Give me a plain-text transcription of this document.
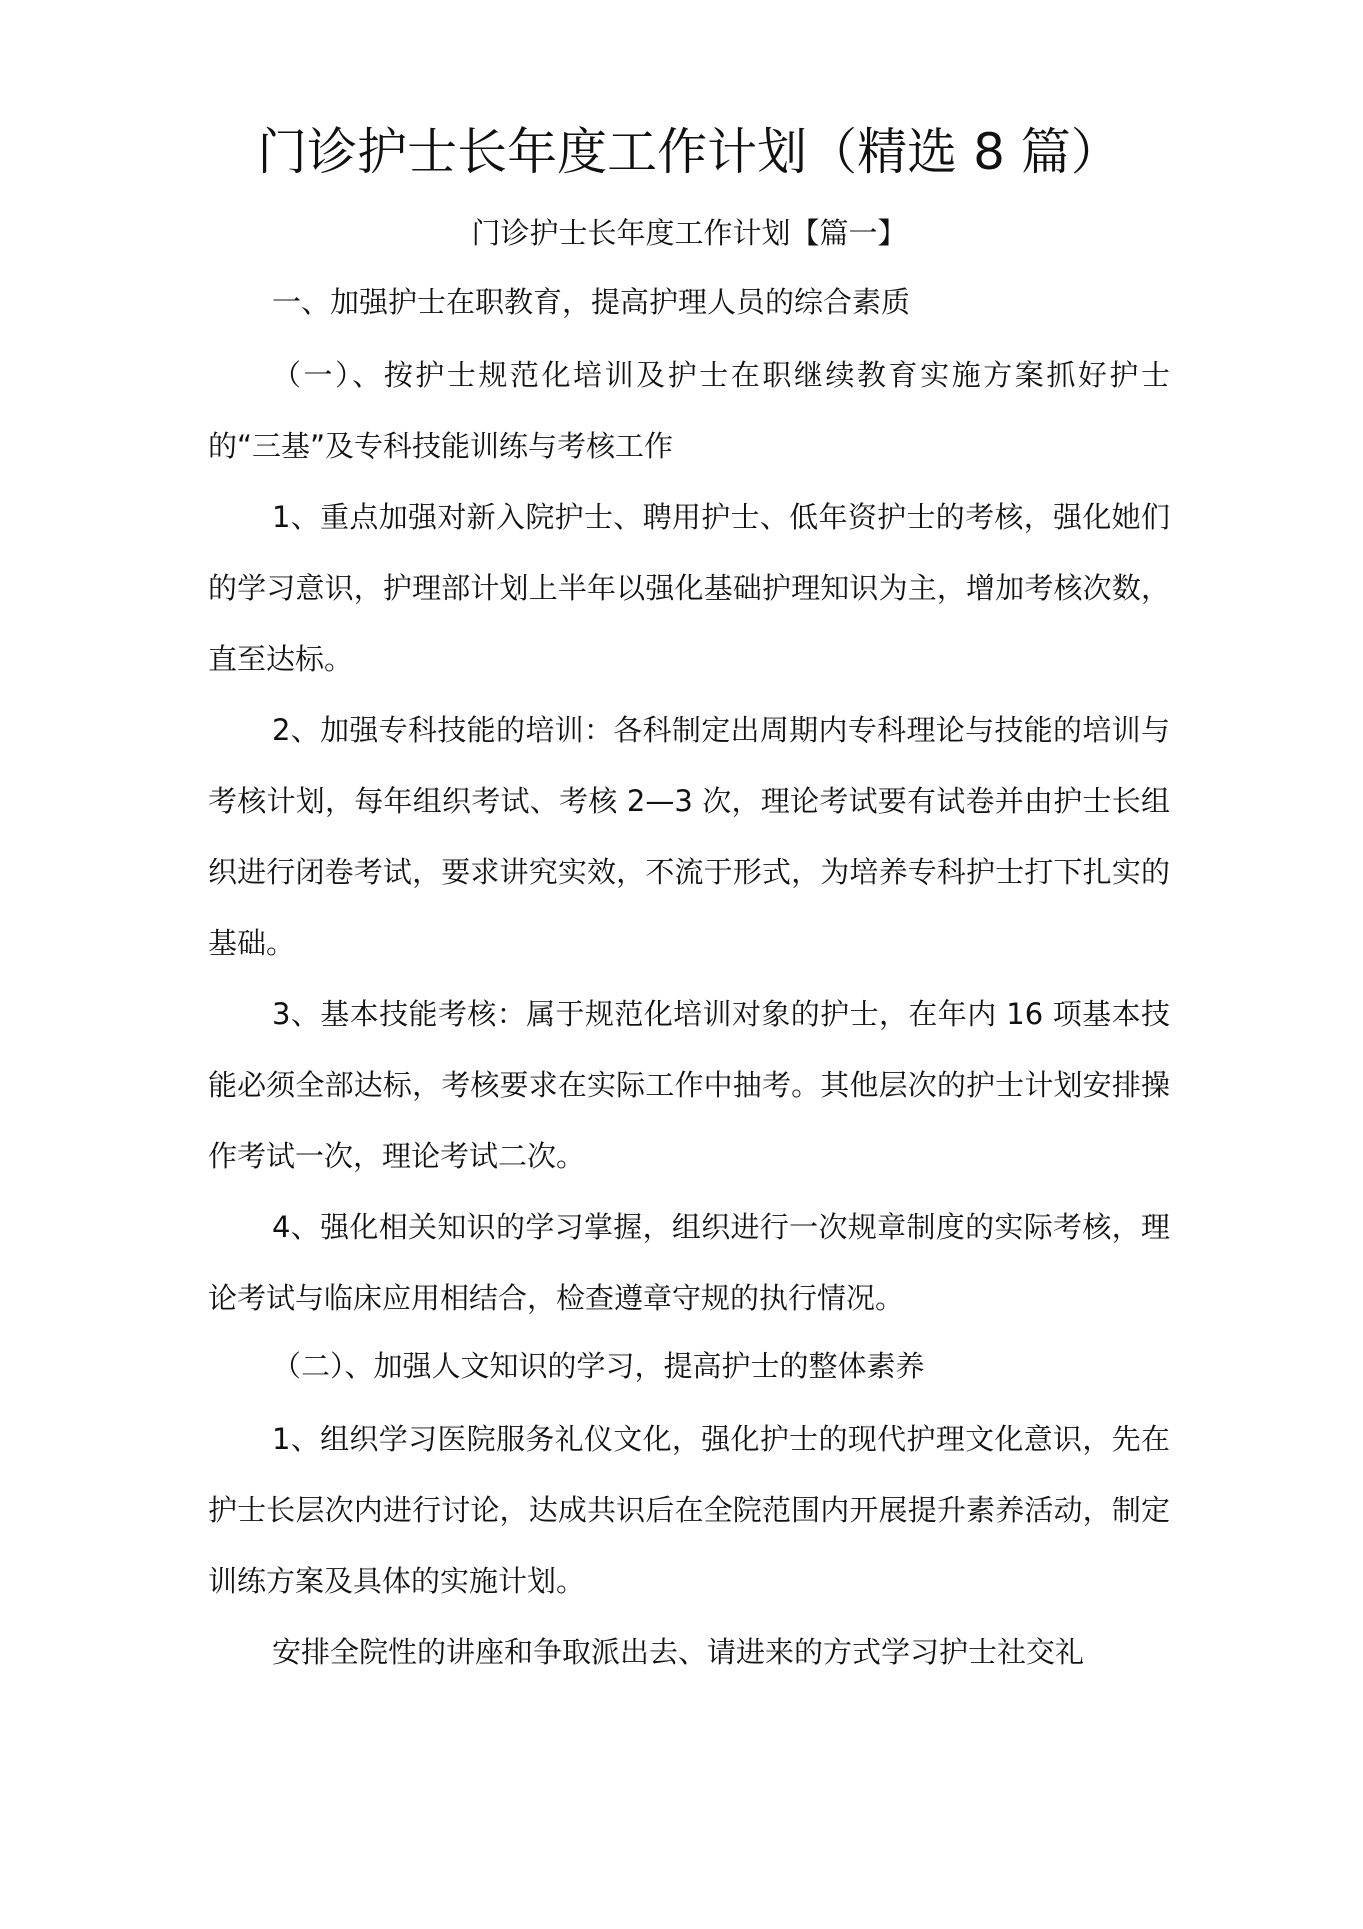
门诊护士长年度工作计划（精选 8 篇）
门诊护士长年度工作计划【篇一】

一、加强护士在职教育，提高护理人员的综合素质

（一）、按护士规范化培训及护士在职继续教育实施方案抓好护士的“三基”及专科技能训练与考核工作

1、重点加强对新入院护士、聘用护士、低年资护士的考核，强化她们的学习意识，护理部计划上半年以强化基础护理知识为主，增加考核次数，直至达标。

2、加强专科技能的培训：各科制定出周期内专科理论与技能的培训与考核计划，每年组织考试、考核 2—3 次，理论考试要有试卷并由护士长组织进行闭卷考试，要求讲究实效，不流于形式，为培养专科护士打下扎实的基础。

3、基本技能考核：属于规范化培训对象的护士，在年内 16 项基本技能必须全部达标，考核要求在实际工作中抽考。其他层次的护士计划安排操作考试一次，理论考试二次。

4、强化相关知识的学习掌握，组织进行一次规章制度的实际考核，理论考试与临床应用相结合，检查遵章守规的执行情况。

（二）、加强人文知识的学习，提高护士的整体素养

1、组织学习医院服务礼仪文化，强化护士的现代护理文化意识，先在护士长层次内进行讨论，达成共识后在全院范围内开展提升素养活动，制定训练方案及具体的实施计划。

安排全院性的讲座和争取派出去、请进来的方式学习护士社交礼
